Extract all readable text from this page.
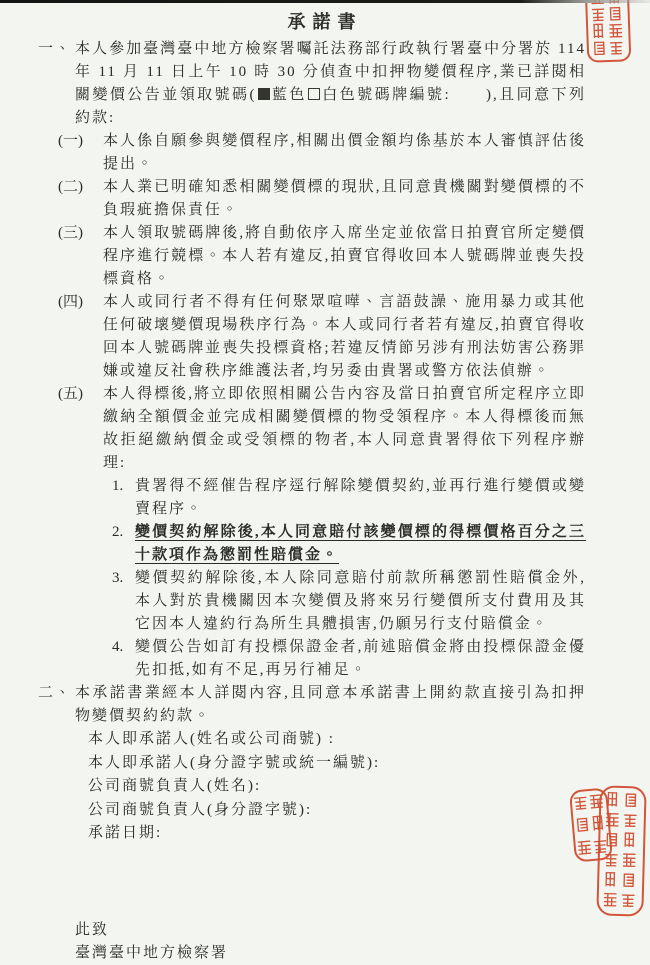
承諾書
一、 本人參加臺灣臺中地方檢察署囑託法務部行政執行署臺中分署於 114 年 11 月 11 日上午 10 時 30 分偵查中扣押物變價程序,業已詳閱相關變價公告並領取號碼( 藍色 白色號碼牌編號:　　),且同意下列約款:
(一)	本人係自願參與變價程序,相關出價金額均係基於本人審慎評估後提出。
(二)	本人業已明確知悉相關變價標的現狀,且同意貴機關對變價標的不負瑕疵擔保責任。
(三)	本人領取號碼牌後,將自動依序入席坐定並依當日拍賣官所定變價程序進行競標。本人若有違反,拍賣官得收回本人號碼牌並喪失投標資格。
(四)	本人或同行者不得有任何聚眾喧嘩、言語鼓譟、施用暴力或其他任何破壞變價現場秩序行為。本人或同行者若有違反,拍賣官得收回本人號碼牌並喪失投標資格;若違反情節另涉有刑法妨害公務罪嫌或違反社會秩序維護法者,均另委由貴署或警方依法偵辦。
(五)	本人得標後,將立即依照相關公告內容及當日拍賣官所定程序立即繳納全額價金並完成相關變價標的物受領程序。本人得標後而無故拒絕繳納價金或受領標的物者,本人同意貴署得依下列程序辦理:
1. 貴署得不經催告程序逕行解除變價契約,並再行進行變價或變賣程序。
2. 變價契約解除後,本人同意賠付該變價標的得標價格百分之三十款項作為懲罰性賠償金。
3. 變價契約解除後,本人除同意賠付前款所稱懲罰性賠償金外,本人對於貴機關因本次變價及將來另行變價所支付費用及其它因本人違約行為所生具體損害,仍願另行支付賠償金。
4. 變價公告如訂有投標保證金者,前述賠償金將由投標保證金優先扣抵,如有不足,再另行補足。
二、 本承諾書業經本人詳閱內容,且同意本承諾書上開約款直接引為扣押物變價契約約款。
本人即承諾人(姓名或公司商號) :
本人即承諾人(身分證字號或統一編號):
公司商號負責人(姓名):
公司商號負責人(身分證字號):
承諾日期:
此致
臺灣臺中地方檢察署
